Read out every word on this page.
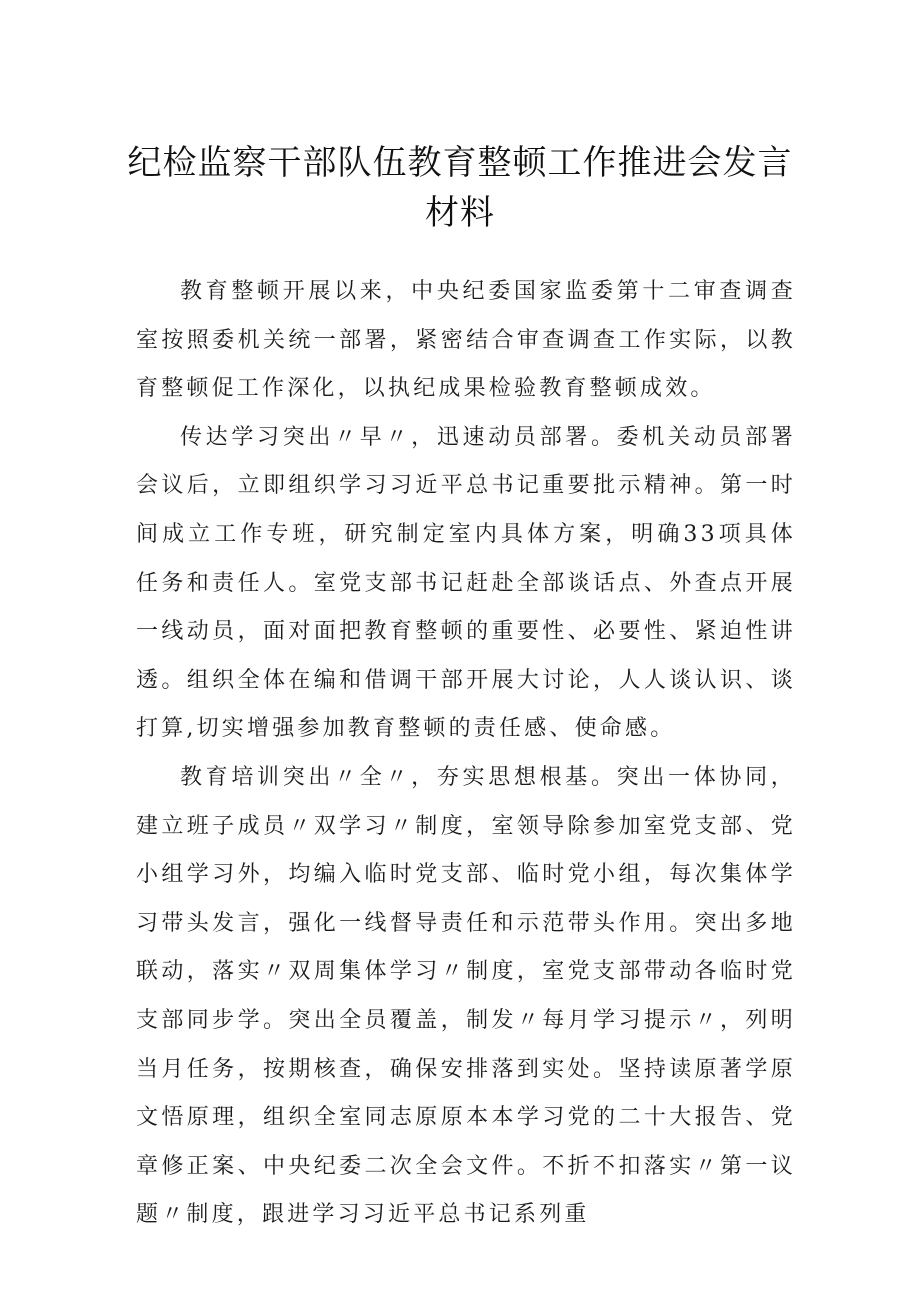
纪检监察干部队伍教育整顿工作推进会发言材料

教育整顿开展以来，中央纪委国家监委第十二审查调查室按照委机关统一部署，紧密结合审查调查工作实际，以教育整顿促工作深化，以执纪成果检验教育整顿成效。

传达学习突出〃早〃，迅速动员部署。委机关动员部署会议后，立即组织学习习近平总书记重要批示精神。第一时间成立工作专班，研究制定室内具体方案，明确33项具体任务和责任人。室党支部书记赶赴全部谈话点、外查点开展一线动员，面对面把教育整顿的重要性、必要性、紧迫性讲透。组织全体在编和借调干部开展大讨论，人人谈认识、谈打算,切实增强参加教育整顿的责任感、使命感。

教育培训突出〃全〃，夯实思想根基。突出一体协同，建立班子成员〃双学习〃制度，室领导除参加室党支部、党小组学习外，均编入临时党支部、临时党小组，每次集体学习带头发言，强化一线督导责任和示范带头作用。突出多地联动，落实〃双周集体学习〃制度，室党支部带动各临时党支部同步学。突出全员覆盖，制发〃每月学习提示〃，列明当月任务，按期核查，确保安排落到实处。坚持读原著学原文悟原理，组织全室同志原原本本学习党的二十大报告、党章修正案、中央纪委二次全会文件。不折不扣落实〃第一议题〃制度，跟进学习习近平总书记系列重
